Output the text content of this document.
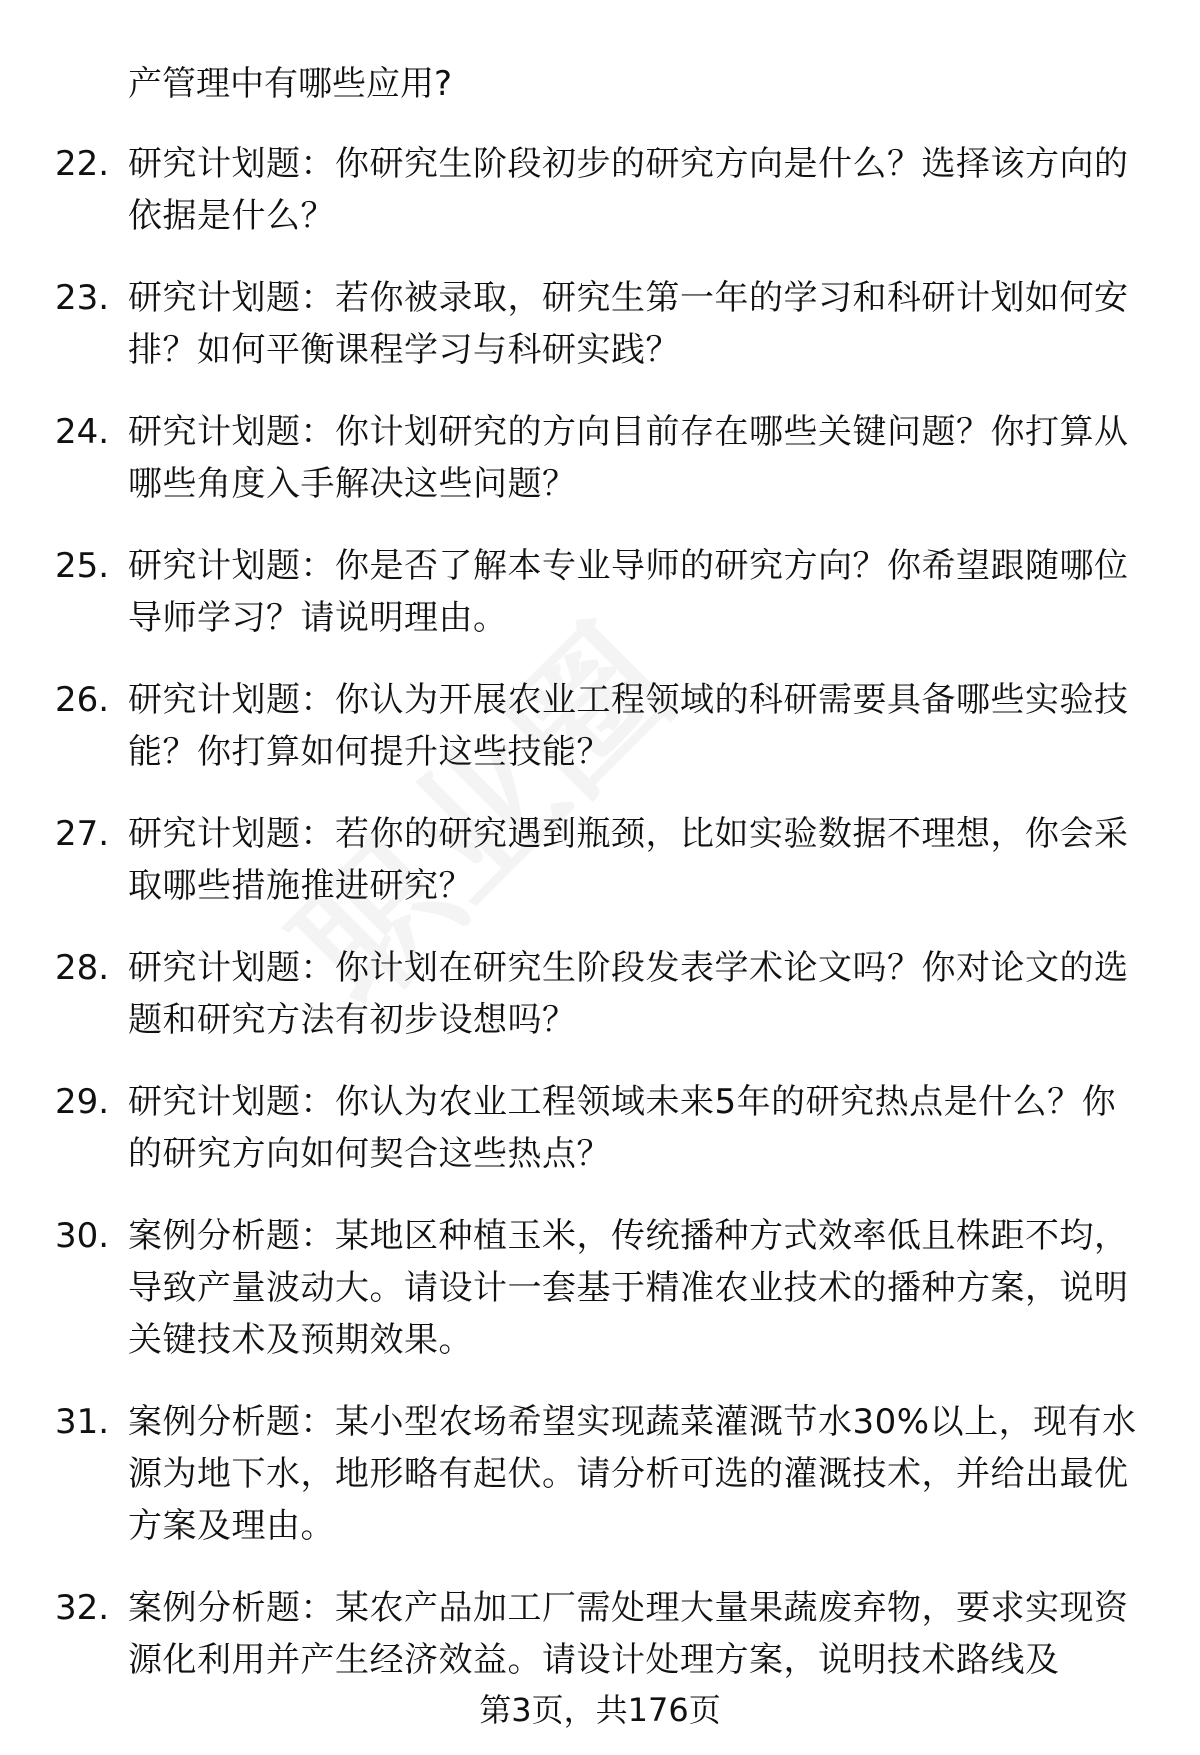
产管理中有哪些应用?
22. 研究计划题：你研究生阶段初步的研究方向是什么？选择该方向的依据是什么？
23. 研究计划题：若你被录取，研究生第一年的学习和科研计划如何安排？如何平衡课程学习与科研实践？
24. 研究计划题：你计划研究的方向目前存在哪些关键问题？你打算从哪些角度入手解决这些问题？
25. 研究计划题：你是否了解本专业导师的研究方向？你希望跟随哪位导师学习？请说明理由。
26. 研究计划题：你认为开展农业工程领域的科研需要具备哪些实验技能？你打算如何提升这些技能？
27. 研究计划题：若你的研究遇到瓶颈，比如实验数据不理想，你会采取哪些措施推进研究？
28. 研究计划题：你计划在研究生阶段发表学术论文吗？你对论文的选题和研究方法有初步设想吗？
29. 研究计划题：你认为农业工程领域未来5年的研究热点是什么？你的研究方向如何契合这些热点？
30. 案例分析题：某地区种植玉米，传统播种方式效率低且株距不均，导致产量波动大。请设计一套基于精准农业技术的播种方案，说明关键技术及预期效果。
31. 案例分析题：某小型农场希望实现蔬菜灌溉节水30%以上，现有水源为地下水，地形略有起伏。请分析可选的灌溉技术，并给出最优方案及理由。
32. 案例分析题：某农产品加工厂需处理大量果蔬废弃物，要求实现资源化利用并产生经济效益。请设计处理方案，说明技术路线及
第3页，共176页
